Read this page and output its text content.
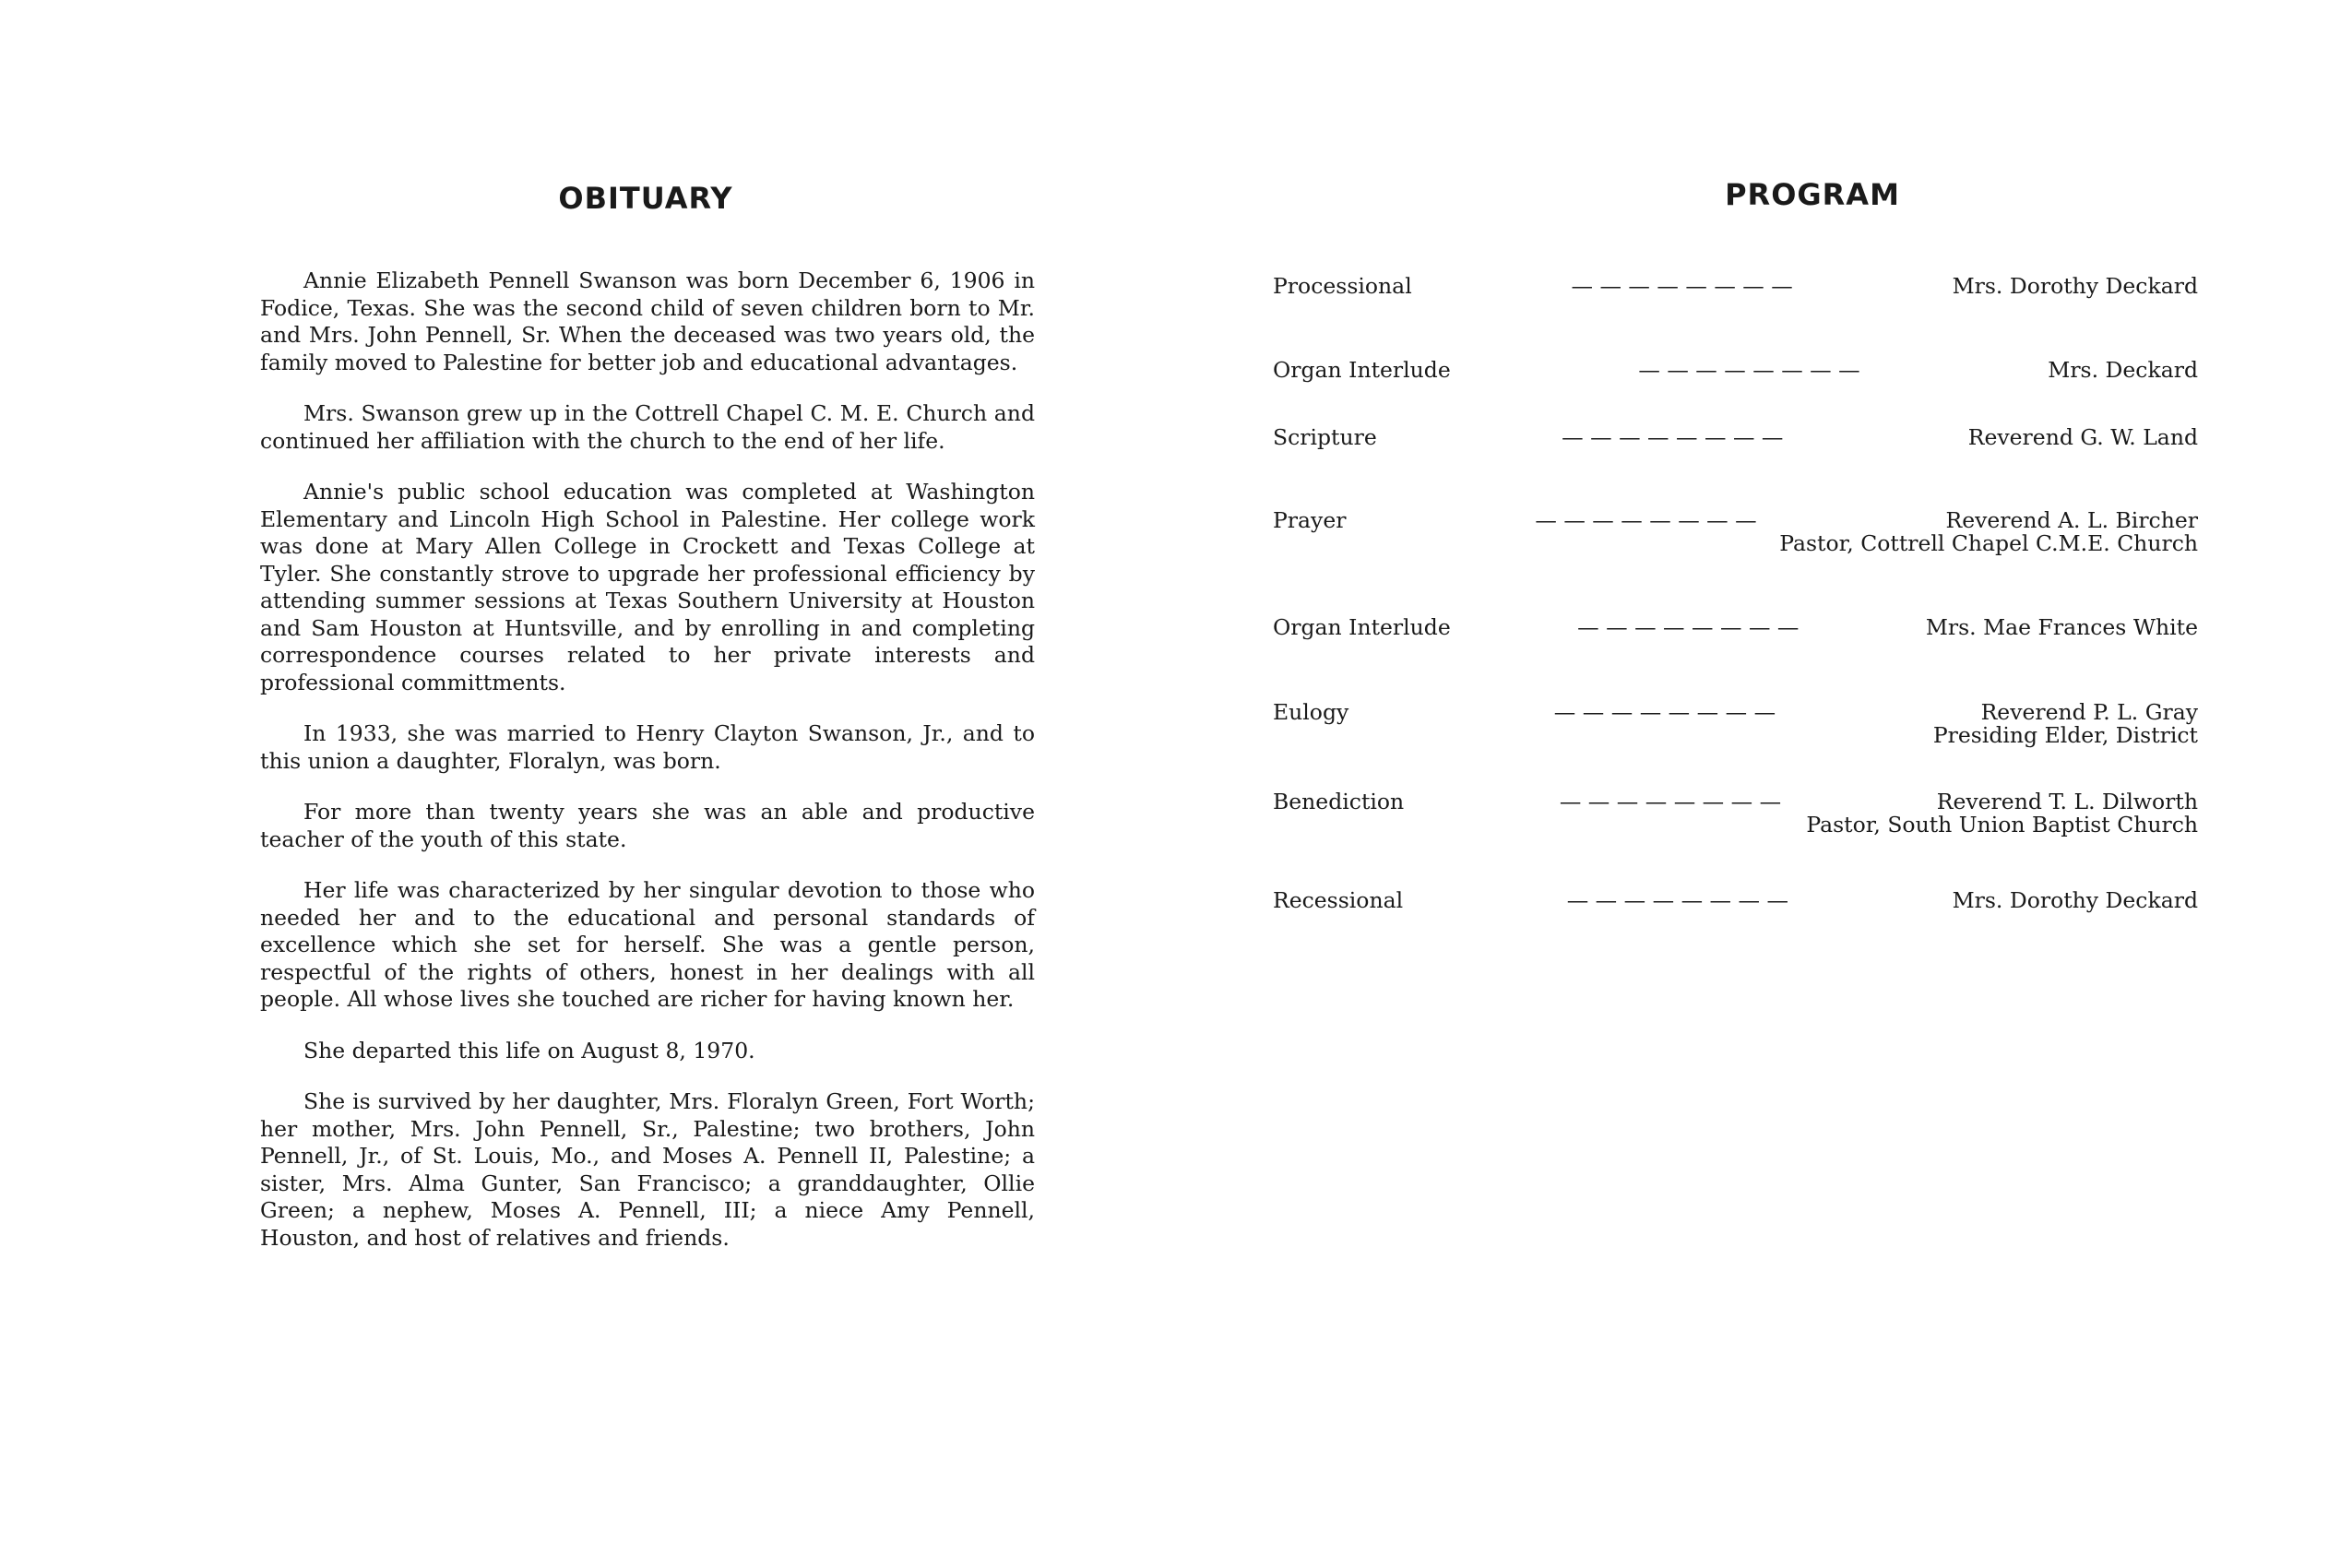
OBITUARY

Annie Elizabeth Pennell Swanson was born December 6, 1906 in Fodice, Texas. She was the second child of seven children born to Mr. and Mrs. John Pennell, Sr. When the deceased was two years old, the family moved to Palestine for better job and educational advantages.

Mrs. Swanson grew up in the Cottrell Chapel C. M. E. Church and continued her affiliation with the church to the end of her life.

Annie's public school education was completed at Washington Elementary and Lincoln High School in Palestine. Her college work was done at Mary Allen College in Crockett and Texas College at Tyler. She constantly strove to upgrade her professional efficiency by attending summer sessions at Texas Southern University at Houston and Sam Houston at Huntsville, and by enrolling in and completing correspondence courses related to her private interests and professional committments.

In 1933, she was married to Henry Clayton Swanson, Jr., and to this union a daughter, Floralyn, was born.

For more than twenty years she was an able and productive teacher of the youth of this state.

Her life was characterized by her singular devotion to those who needed her and to the educational and personal standards of excellence which she set for herself. She was a gentle person, respectful of the rights of others, honest in her dealings with all people. All whose lives she touched are richer for having known her.

She departed this life on August 8, 1970.

She is survived by her daughter, Mrs. Floralyn Green, Fort Worth; her mother, Mrs. John Pennell, Sr., Palestine; two brothers, John Pennell, Jr., of St. Louis, Mo., and Moses A. Pennell II, Palestine; a sister, Mrs. Alma Gunter, San Francisco; a granddaughter, Ollie Green; a nephew, Moses A. Pennell, III; a niece Amy Pennell, Houston, and host of relatives and friends.

PROGRAM
Processional	— — — — — — — —	Mrs. Dorothy Deckard
Organ Interlude	— — — — — — — —	Mrs. Deckard
Scripture	— — — — — — — —	Reverend G. W. Land
Prayer	— — — — — — — —	Reverend A. L. Bircher
Pastor, Cottrell Chapel C.M.E. Church
Organ Interlude	— — — — — — — —	Mrs. Mae Frances White
Eulogy	— — — — — — — —	Reverend P. L. Gray
Presiding Elder, District
Benediction	— — — — — — — —	Reverend T. L. Dilworth
Pastor, South Union Baptist Church
Recessional	— — — — — — — —	Mrs. Dorothy Deckard
